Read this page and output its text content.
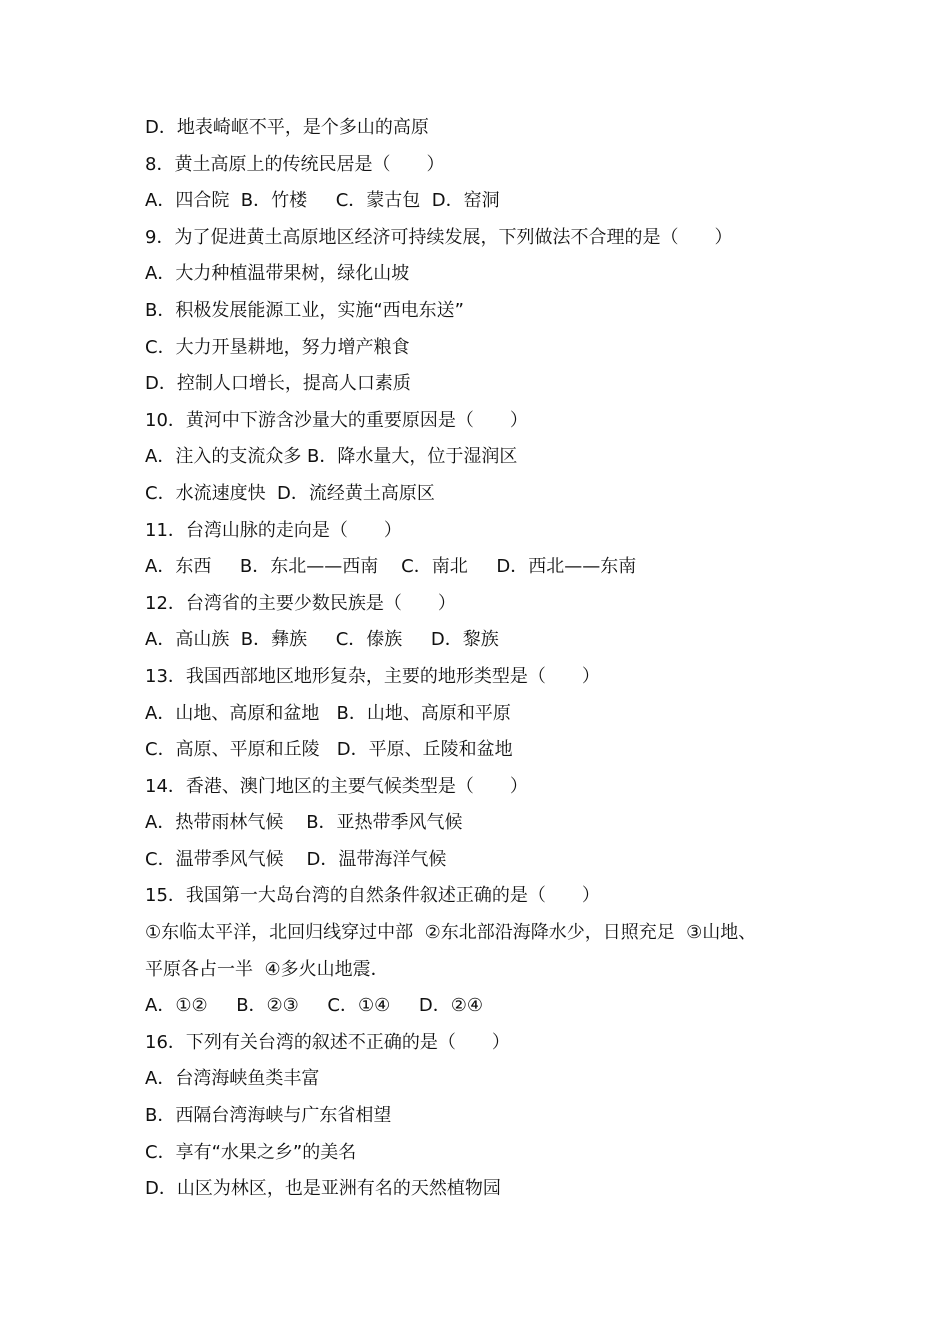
D．地表崎岖不平，是个多山的高原
8．黄土高原上的传统民居是（　　）
A．四合院  B．竹楼     C．蒙古包  D．窑洞
9．为了促进黄土高原地区经济可持续发展，下列做法不合理的是（　　）
A．大力种植温带果树，绿化山坡
B．积极发展能源工业，实施“西电东送”
C．大力开垦耕地，努力增产粮食
D．控制人口增长，提高人口素质
10．黄河中下游含沙量大的重要原因是（　　）
A．注入的支流众多 B．降水量大，位于湿润区
C．水流速度快  D．流经黄土高原区
11．台湾山脉的走向是（　　）
A．东西     B．东北——西南    C．南北     D．西北——东南
12．台湾省的主要少数民族是（　　）
A．高山族  B．彝族     C．傣族     D．黎族
13．我国西部地区地形复杂，主要的地形类型是（　　）
A．山地、高原和盆地   B．山地、高原和平原
C．高原、平原和丘陵   D．平原、丘陵和盆地
14．香港、澳门地区的主要气候类型是（　　）
A．热带雨林气候    B．亚热带季风气候
C．温带季风气候    D．温带海洋气候
15．我国第一大岛台湾的自然条件叙述正确的是（　　）
①东临太平洋，北回归线穿过中部  ②东北部沿海降水少，日照充足  ③山地、
平原各占一半  ④多火山地震．
A．①②     B．②③     C．①④     D．②④
16．下列有关台湾的叙述不正确的是（　　）
A．台湾海峡鱼类丰富
B．西隔台湾海峡与广东省相望
C．享有“水果之乡”的美名
D．山区为林区，也是亚洲有名的天然植物园
